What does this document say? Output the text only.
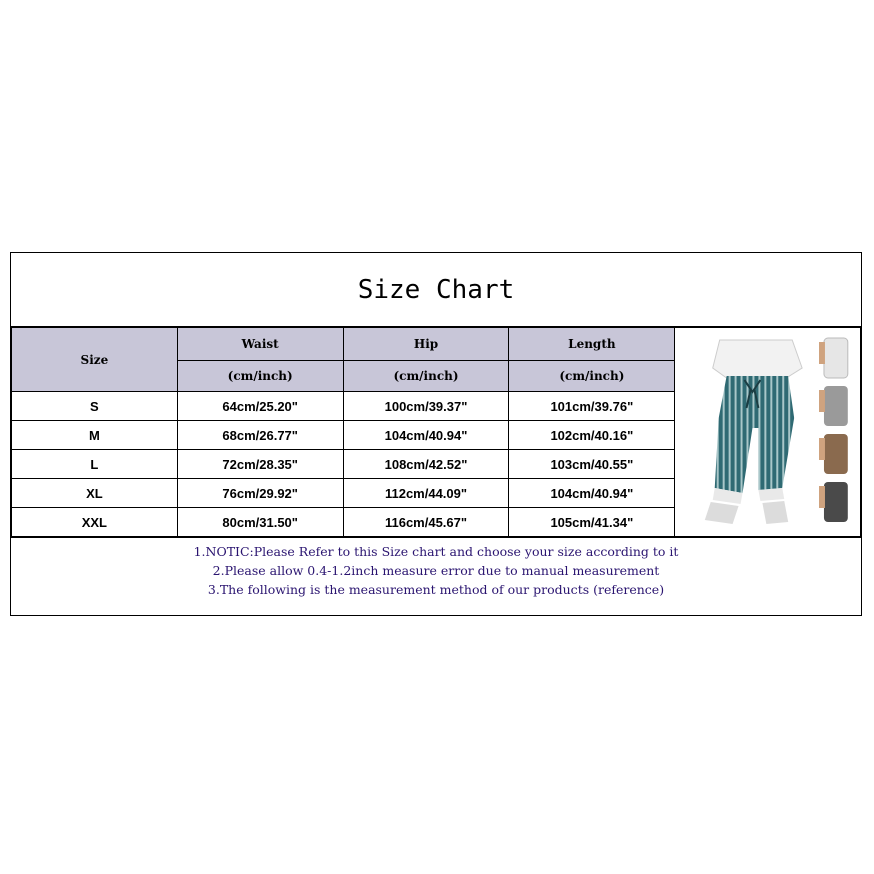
Size Chart
Size	Waist	Hip	Length	

	(cm/inch)	(cm/inch)	(cm/inch)	
S	64cm/25.20"	100cm/39.37"	101cm/39.76"	
M	68cm/26.77"	104cm/40.94"	102cm/40.16"	
L	72cm/28.35"	108cm/42.52"	103cm/40.55"	
XL	76cm/29.92"	112cm/44.09"	104cm/40.94"	
XXL	80cm/31.50"	116cm/45.67"	105cm/41.34"	
1.NOTIC:Please Refer to this Size chart and choose your size according to it
2.Please allow 0.4-1.2inch measure error due to manual measurement
3.The following is the measurement method of our products (reference)
